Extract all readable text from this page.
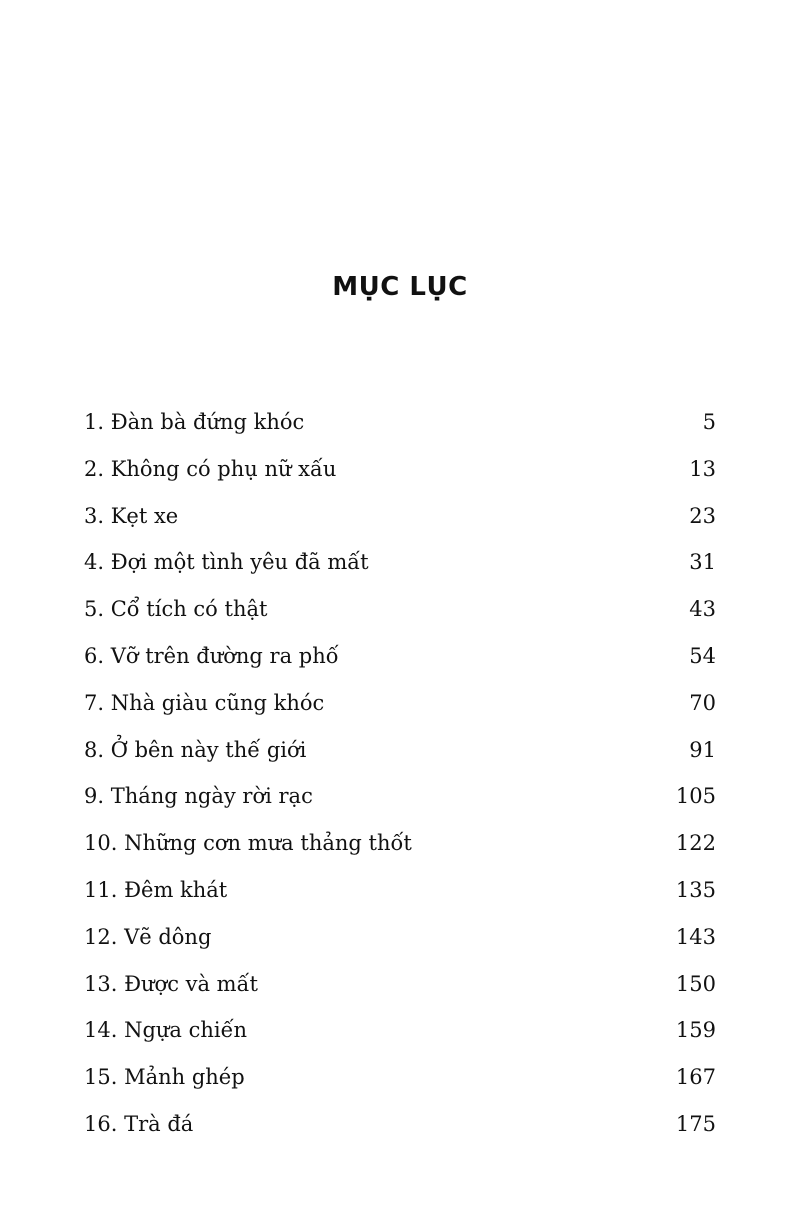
MỤC LỤC
1. Đàn bà đứng khóc	5
2. Không có phụ nữ xấu	13
3. Kẹt xe	23
4. Đợi một tình yêu đã mất	31
5. Cổ tích có thật	43
6. Vỡ trên đường ra phố	54
7. Nhà giàu cũng khóc	70
8. Ở bên này thế giới	91
9. Tháng ngày rời rạc	105
10. Những cơn mưa thảng thốt	122
11. Đêm khát	135
12. Vẽ dông	143
13. Được và mất	150
14. Ngựa chiến	159
15. Mảnh ghép	167
16. Trà đá	175
